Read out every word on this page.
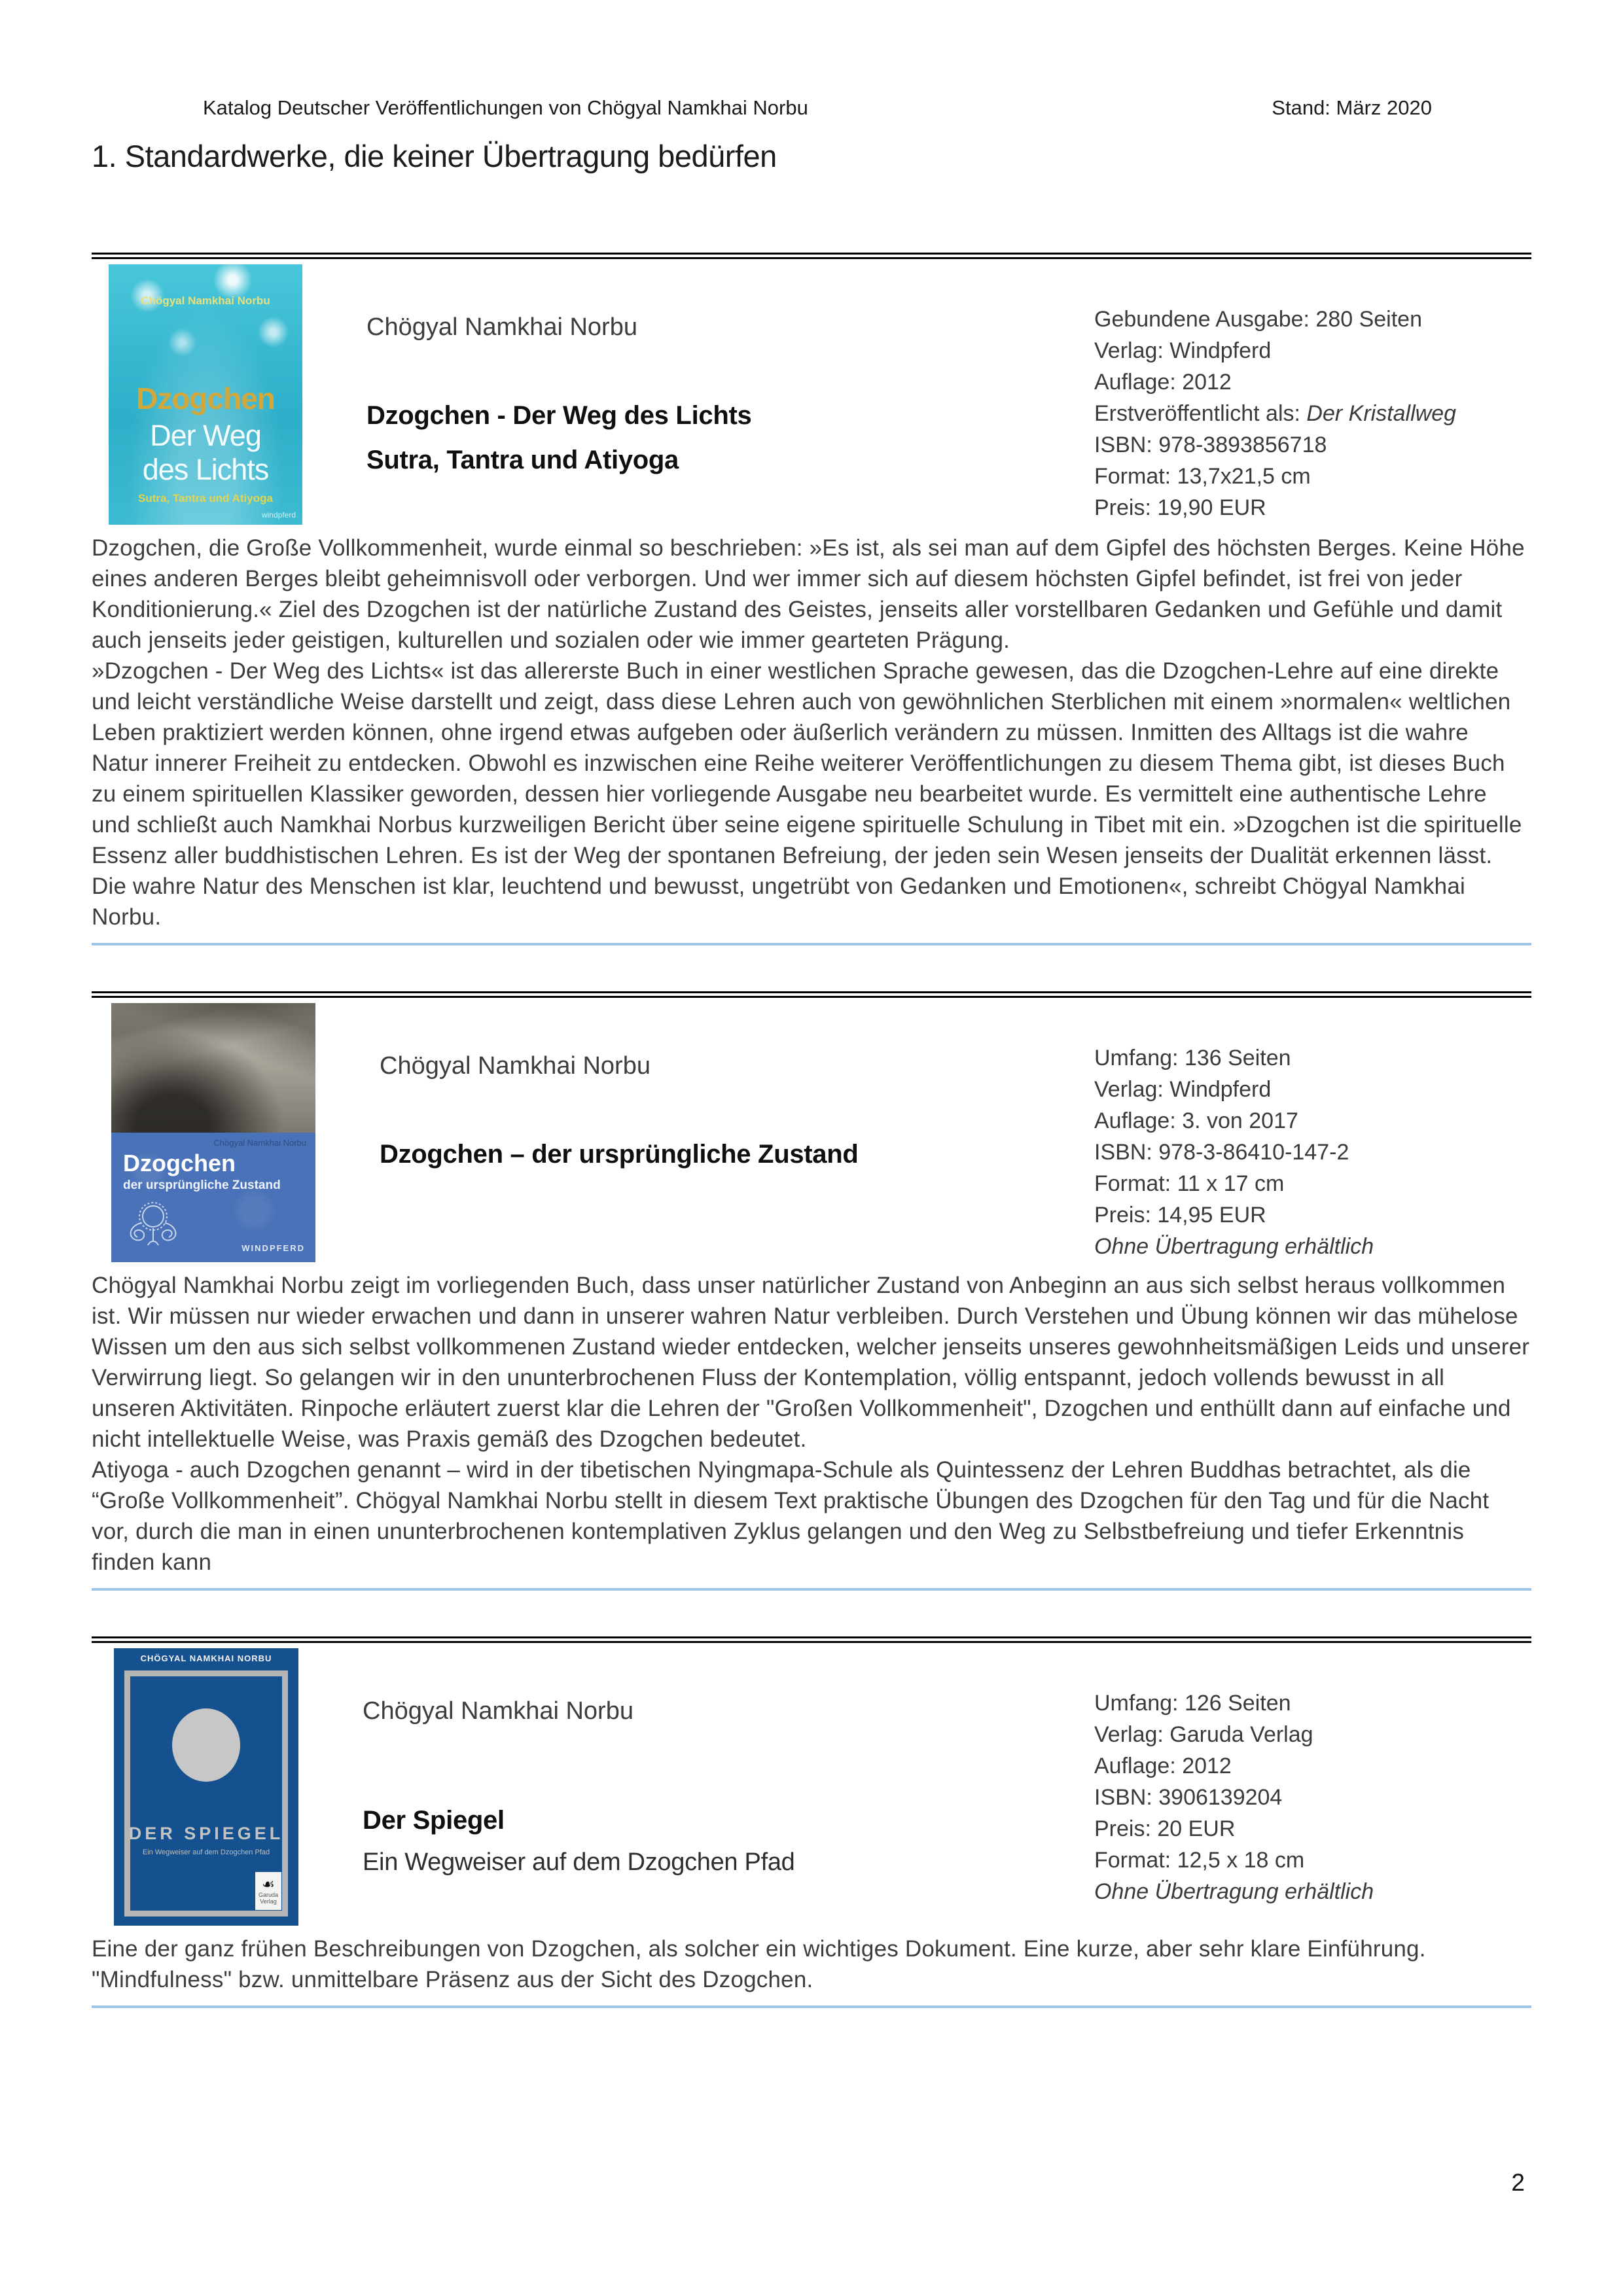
Katalog Deutscher Veröffentlichungen von Chögyal Namkhai Norbu	Stand: März 2020
1. Standardwerke, die keiner Übertragung bedürfen
Chögyal Namkhai Norbu
Dzogchen
Der Weg
des Lichts
Sutra, Tantra und Atiyoga
windpferd
Chögyal Namkhai Norbu
Dzogchen - Der Weg des Lichts
Sutra, Tantra und Atiyoga
Gebundene Ausgabe: 280 Seiten
Verlag: Windpferd
Auflage: 2012
Erstveröffentlicht als: Der Kristallweg
ISBN: 978-3893856718
Format: 13,7x21,5 cm
Preis: 19,90 EUR

Dzogchen, die Große Vollkommenheit, wurde einmal so beschrieben: »Es ist, als sei man auf dem Gipfel des höchsten Berges. Keine Höhe eines anderen Berges bleibt geheimnisvoll oder verborgen. Und wer immer sich auf diesem höchsten Gipfel befindet, ist frei von jeder Konditionierung.« Ziel des Dzogchen ist der natürliche Zustand des Geistes, jenseits aller vorstellbaren Gedanken und Gefühle und damit auch jenseits jeder geistigen, kulturellen und sozialen oder wie immer gearteten Prägung.

»Dzogchen - Der Weg des Lichts« ist das allererste Buch in einer westlichen Sprache gewesen, das die Dzogchen-Lehre auf eine direkte und leicht verständliche Weise darstellt und zeigt, dass diese Lehren auch von gewöhnlichen Sterblichen mit einem »normalen« weltlichen Leben praktiziert werden können, ohne irgend etwas aufgeben oder äußerlich verändern zu müssen. Inmitten des Alltags ist die wahre Natur innerer Freiheit zu entdecken. Obwohl es inzwischen eine Reihe weiterer Veröffentlichungen zu diesem Thema gibt, ist dieses Buch zu einem spirituellen Klassiker geworden, dessen hier vorliegende Ausgabe neu bearbeitet wurde. Es vermittelt eine authentische Lehre und schließt auch Namkhai Norbus kurzweiligen Bericht über seine eigene spirituelle Schulung in Tibet mit ein. »Dzogchen ist die spirituelle Essenz aller buddhistischen Lehren. Es ist der Weg der spontanen Befreiung, der jeden sein Wesen jenseits der Dualität erkennen lässt. Die wahre Natur des Menschen ist klar, leuchtend und bewusst, ungetrübt von Gedanken und Emotionen«, schreibt Chögyal Namkhai Norbu.

Chögyal Namkhai Norbu
Dzogchen
der ursprüngliche Zustand
WINDPFERD
Chögyal Namkhai Norbu
Dzogchen – der ursprüngliche Zustand
Umfang: 136 Seiten
Verlag: Windpferd
Auflage: 3. von 2017
ISBN: 978-3-86410-147-2
Format: 11 x 17 cm
Preis: 14,95 EUR
Ohne Übertragung erhältlich

Chögyal Namkhai Norbu zeigt im vorliegenden Buch, dass unser natürlicher Zustand von Anbeginn an aus sich selbst heraus vollkommen ist. Wir müssen nur wieder erwachen und dann in unserer wahren Natur verbleiben. Durch Verstehen und Übung können wir das mühelose Wissen um den aus sich selbst vollkommenen Zustand wieder entdecken, welcher jenseits unseres gewohnheitsmäßigen Leids und unserer Verwirrung liegt. So gelangen wir in den ununterbrochenen Fluss der Kontemplation, völlig entspannt, jedoch vollends bewusst in all unseren Aktivitäten. Rinpoche erläutert zuerst klar die Lehren der "Großen Vollkommenheit", Dzogchen und enthüllt dann auf einfache und nicht intellektuelle Weise, was Praxis gemäß des Dzogchen bedeutet.

Atiyoga - auch Dzogchen genannt – wird in der tibetischen Nyingmapa-Schule als Quintessenz der Lehren Buddhas betrachtet, als die “Große Vollkommenheit”. Chögyal Namkhai Norbu stellt in diesem Text praktische Übungen des Dzogchen für den Tag und für die Nacht vor, durch die man in einen ununterbrochenen kontemplativen Zyklus gelangen und den Weg zu Selbstbefreiung und tiefer Erkenntnis finden kann

CHÖGYAL NAMKHAI NORBU
DER SPIEGEL
Ein Wegweiser auf dem Dzogchen Pfad
☙
Garuda Verlag
Chögyal Namkhai Norbu
Der Spiegel
Ein Wegweiser auf dem Dzogchen Pfad
Umfang: 126 Seiten
Verlag: Garuda Verlag
Auflage: 2012
ISBN: 3906139204
Preis: 20 EUR
Format: 12,5 x 18 cm
Ohne Übertragung erhältlich

Eine der ganz frühen Beschreibungen von Dzogchen, als solcher ein wichtiges Dokument. Eine kurze, aber sehr klare Einführung. "Mindfulness" bzw. unmittelbare Präsenz aus der Sicht des Dzogchen.

2
